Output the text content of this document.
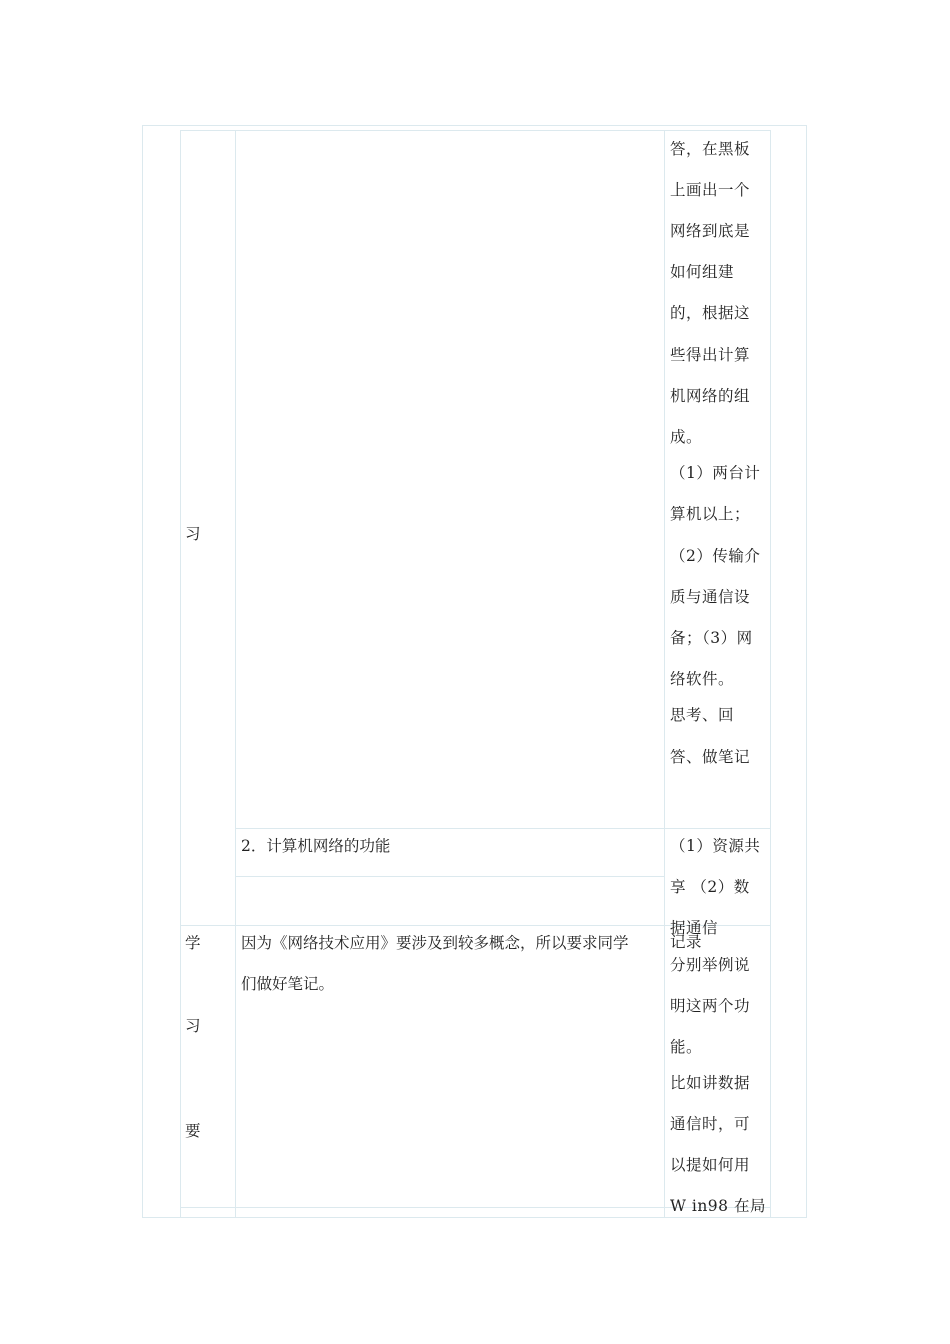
习
学
习
要
2．计算机网络的功能
因为《网络技术应用》要涉及到较多概念，所以要求同学
们做好笔记。
答，在黑板
上画出一个
网络到底是
如何组建
的，根据这
些得出计算
机网络的组
成。
（1）两台计
算机以上；
（2）传输介
质与通信设
备；（3）网
络软件。
思考、回
答、做笔记
（1）资源共
享 （2）数
据通信
记录
分别举例说
明这两个功
能。
比如讲数据
通信时，可
以提如何用
W in98 在局
